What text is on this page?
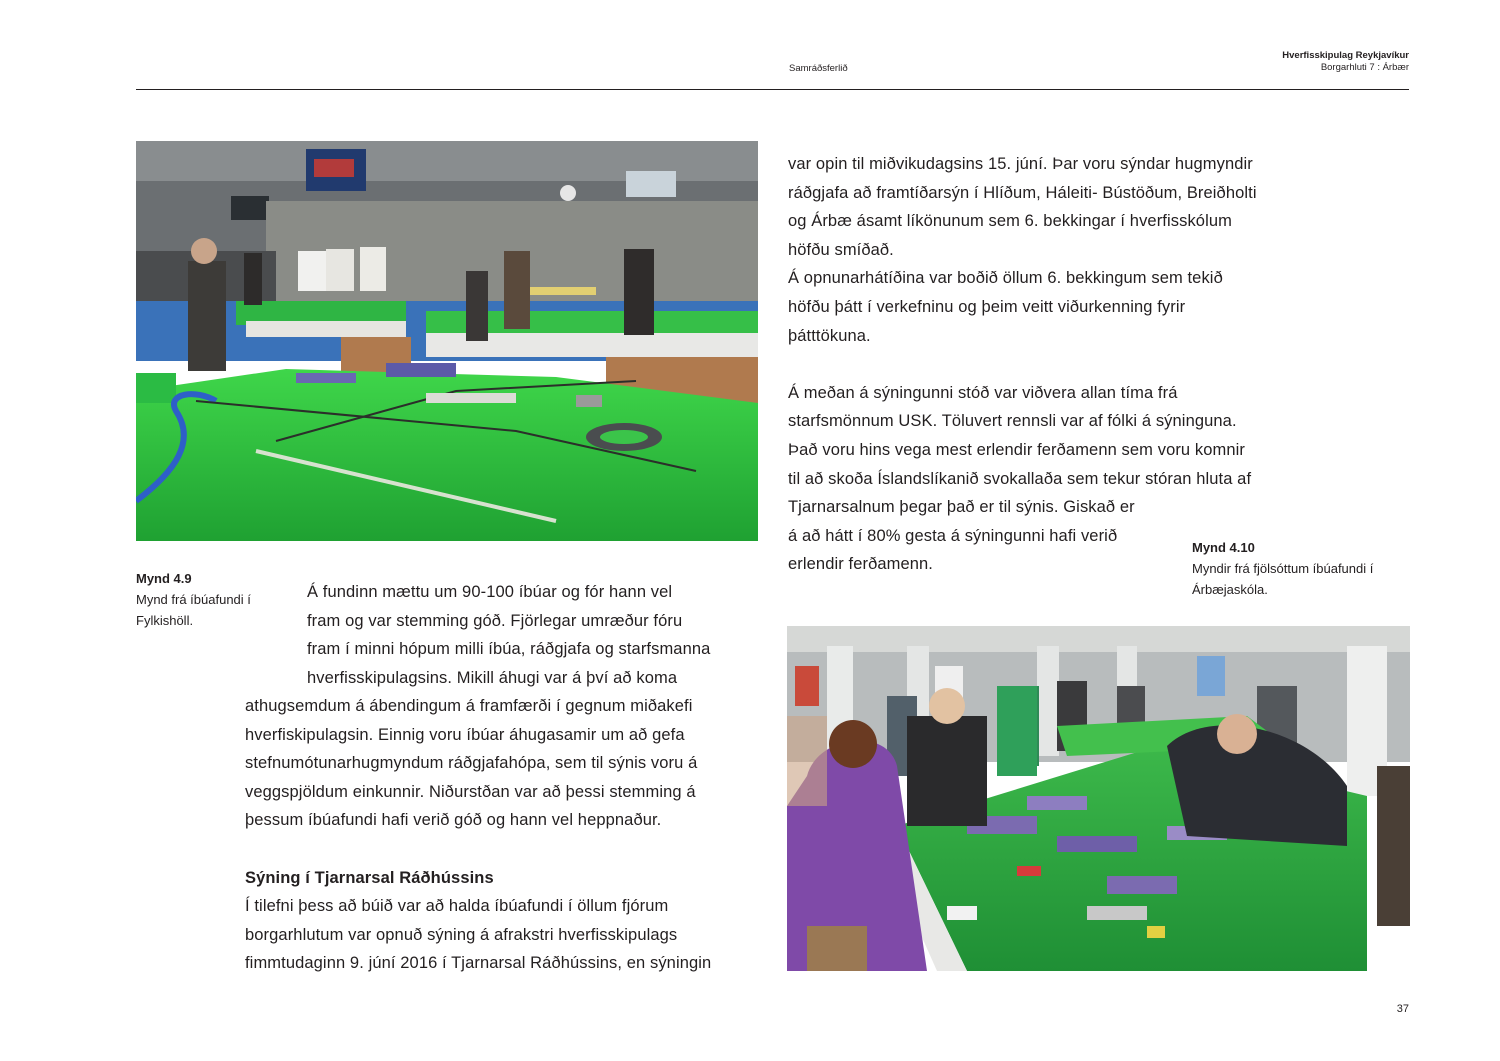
Samráðsferlið
Hverfisskipulag Reykjavíkur
Borgarhluti 7 : Árbær
Mynd 4.9
Mynd frá íbúafundi í
Fylkishöll.

Á fundinn mættu um 90-100 íbúar og fór hann vel

fram og var stemming góð. Fjörlegar umræður fóru

fram í minni hópum milli íbúa, ráðgjafa og starfsmanna

hverfisskipulagsins. Mikill áhugi var á því að koma

athugsemdum á ábendingum á framfærði í gegnum miðakefi

hverfiskipulagsin. Einnig voru íbúar áhugasamir um að gefa

stefnumótunarhugmyndum ráðgjafahópa, sem til sýnis voru á

veggspjöldum einkunnir. Niðurstðan var að þessi stemming á

þessum íbúafundi hafi verið góð og hann vel heppnaður.

Sýning í Tjarnarsal Ráðhússins

Í tilefni þess að búið var að halda íbúafundi í öllum fjórum

borgarhlutum var opnuð sýning á afrakstri hverfisskipulags

fimmtudaginn 9. júní 2016 í Tjarnarsal Ráðhússins, en sýningin

var opin til miðvikudagsins 15. júní. Þar voru sýndar hugmyndir

ráðgjafa að framtíðarsýn í Hlíðum, Háleiti- Bústöðum, Breiðholti

og Árbæ ásamt líkönunum sem 6. bekkingar í hverfisskólum

höfðu smíðað.

Á opnunarhátíðina var boðið öllum 6. bekkingum sem tekið

höfðu þátt í verkefninu og þeim veitt viðurkenning fyrir

þátttökuna.

Á meðan á sýningunni stóð var viðvera allan tíma frá

starfsmönnum USK. Töluvert rennsli var af fólki á sýninguna.

Það voru hins vega mest erlendir ferðamenn sem voru komnir

til að skoða Íslandslíkanið svokallaða sem tekur stóran hluta af

Tjarnarsalnum þegar það er til sýnis. Giskað er

á að hátt í 80% gesta á sýningunni hafi verið

erlendir ferðamenn.

Mynd 4.10
Myndir frá fjölsóttum íbúafundi í
Árbæjaskóla.
37
